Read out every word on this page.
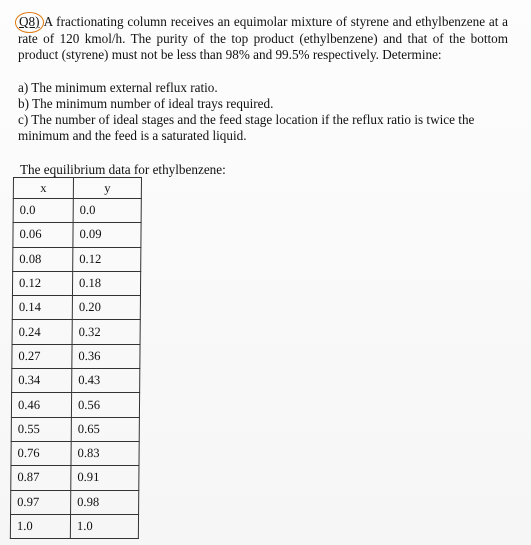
Q8) A fractionating column receives an equimolar mixture of styrene and ethylbenzene at a rate of 120 kmol/h. The purity of the top product (ethylbenzene) and that of the bottom product (styrene) must not be less than 98% and 99.5% respectively. Determine:
a) The minimum external reflux ratio.
b) The minimum number of ideal trays required.
c) The number of ideal stages and the feed stage location if the reflux ratio is twice the minimum and the feed is a saturated liquid.
The equilibrium data for ethylbenzene:
x	y
0.0	0.0
0.06	0.09
0.08	0.12
0.12	0.18
0.14	0.20
0.24	0.32
0.27	0.36
0.34	0.43
0.46	0.56
0.55	0.65
0.76	0.83
0.87	0.91
0.97	0.98
1.0	1.0
